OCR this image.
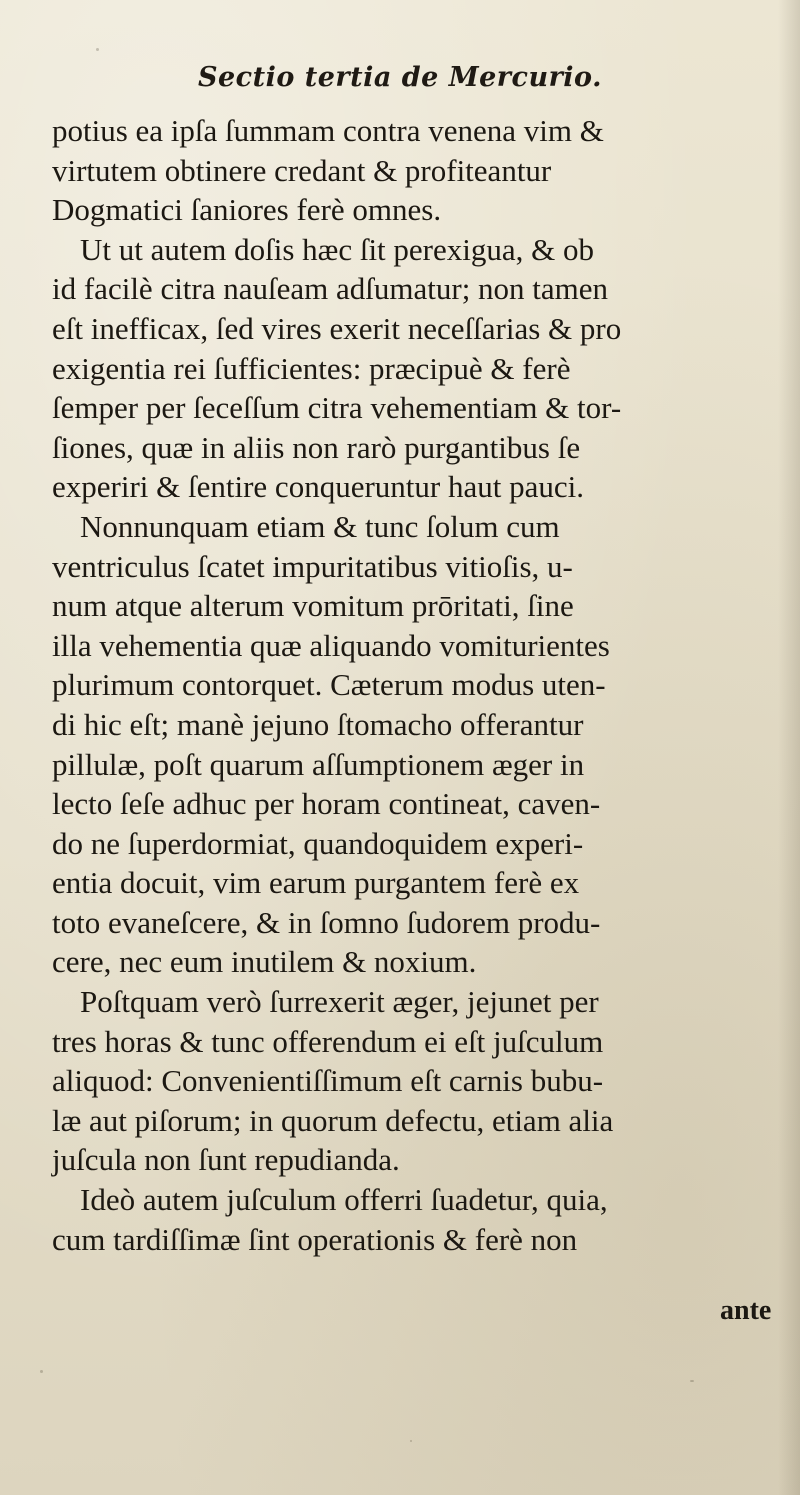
Sectio tertia de Mercurio.
potius ea ipſa ſummam contra venena vim &
virtutem obtinere credant & profiteantur
Dogmatici ſaniores ferè omnes.
Ut ut autem doſis hæc ſit perexigua, & ob
id facilè citra nauſeam adſumatur; non tamen
eſt inefficax, ſed vires exerit neceſſarias & pro
exigentia rei ſufficientes: præcipuè & ferè
ſemper per ſeceſſum citra vehementiam & tor-
ſiones, quæ in aliis non rarò purgantibus ſe
experiri & ſentire conqueruntur haut pauci.
Nonnunquam etiam & tunc ſolum cum
ventriculus ſcatet impuritatibus vitioſis, u-
num atque alterum vomitum prōritati, ſine
illa vehementia quæ aliquando vomiturientes
plurimum contorquet. Cæterum modus uten-
di hic eſt; manè jejuno ſtomacho offerantur
pillulæ, poſt quarum aſſumptionem æger in
lecto ſeſe adhuc per horam contineat, caven-
do ne ſuperdormiat, quandoquidem experi-
entia docuit, vim earum purgantem ferè ex
toto evaneſcere, & in ſomno ſudorem produ-
cere, nec eum inutilem & noxium.
Poſtquam verò ſurrexerit æger, jejunet per
tres horas & tunc offerendum ei eſt juſculum
aliquod: Convenientiſſimum eſt carnis bubu-
læ aut piſorum; in quorum defectu, etiam alia
juſcula non ſunt repudianda.
Ideò autem juſculum offerri ſuadetur, quia,
cum tardiſſimæ ſint operationis & ferè non
ante
